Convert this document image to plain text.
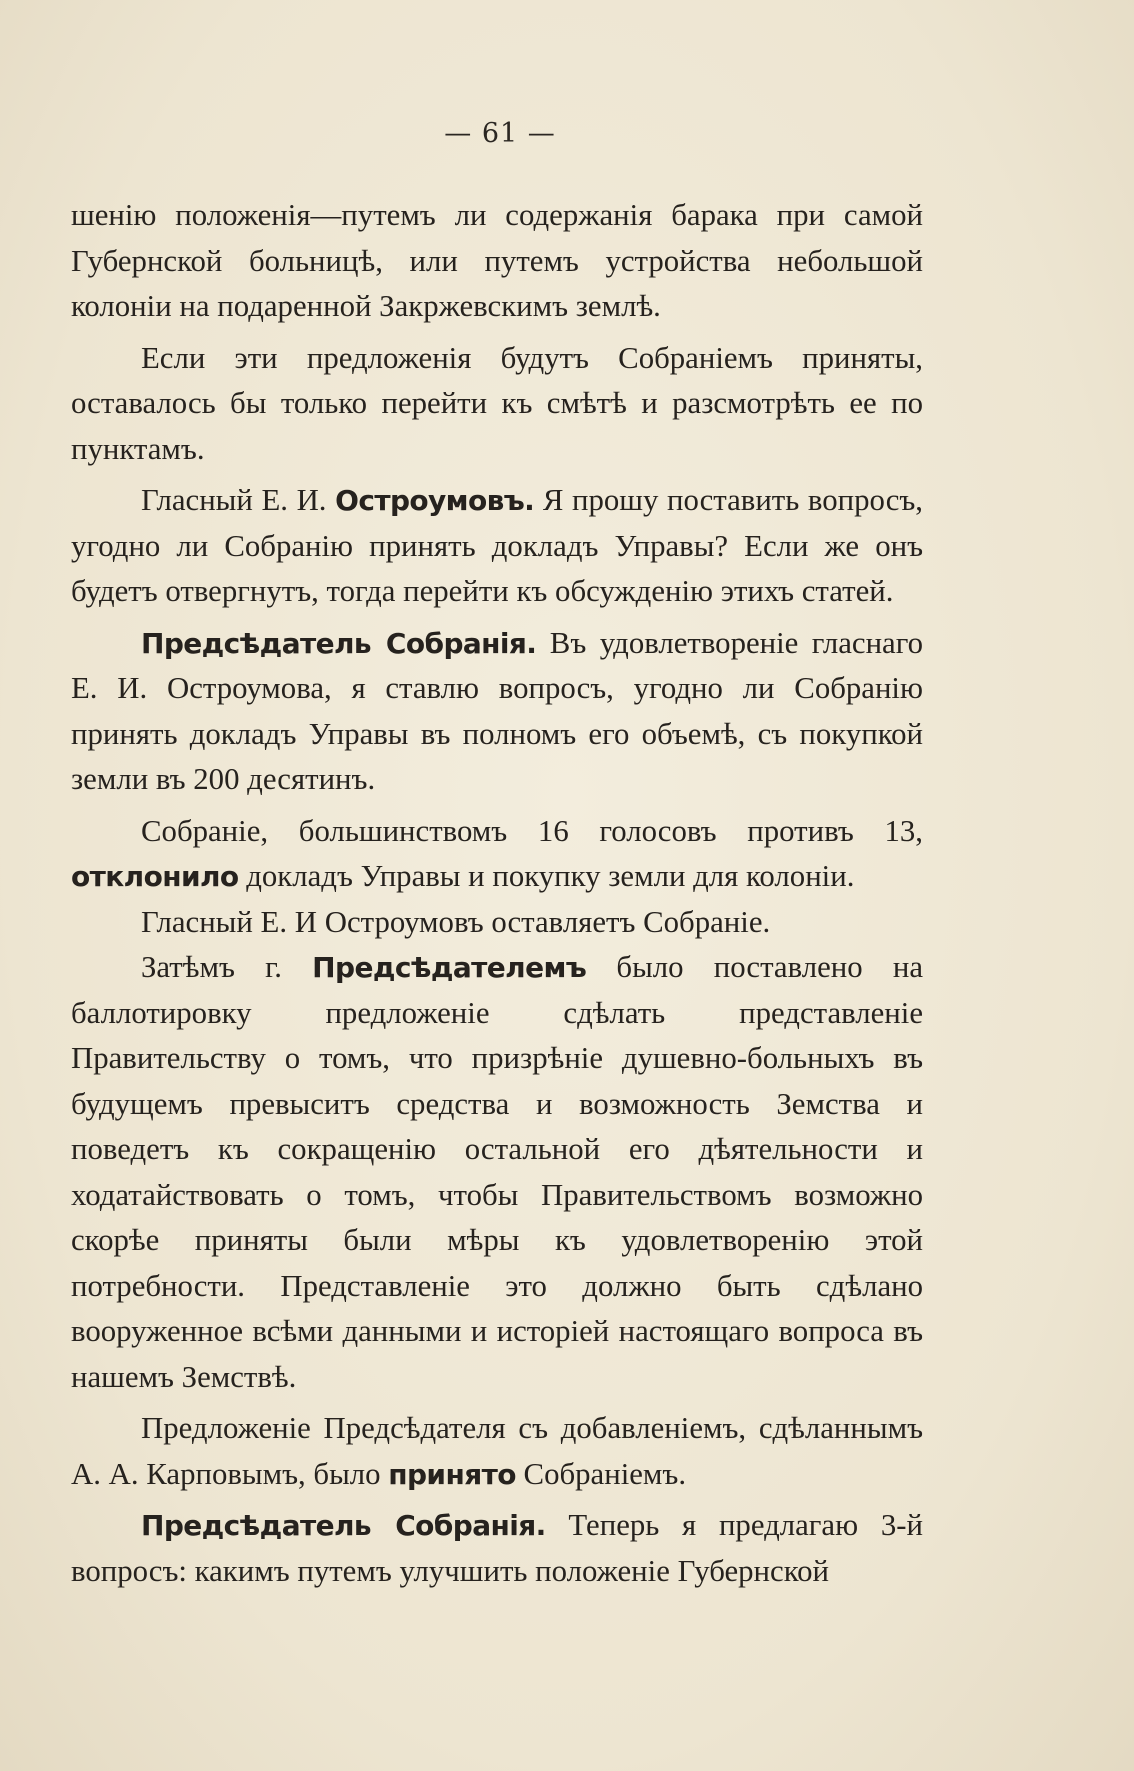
— 61 —

шенію положенія—путемъ ли содержанія барака при самой Губернской больницѣ, или путемъ устройства небольшой колоніи на подаренной Закржевскимъ землѣ.

Если эти предложенія будутъ Собраніемъ приняты, оставалось бы только перейти къ смѣтѣ и разсмотрѣть ее по пунктамъ.

Гласный Е. И. Остроумовъ. Я прошу поставить вопросъ, угодно ли Собранію принять докладъ Управы? Если же онъ будетъ отвергнутъ, тогда перейти къ обсужденію этихъ статей.

Предсѣдатель Собранія. Въ удовлетвореніе гласнаго Е. И. Остроумова, я ставлю вопросъ, угодно ли Собранію принять докладъ Управы въ полномъ его объемѣ, съ покупкой земли въ 200 десятинъ.

Собраніе, большинствомъ 16 голосовъ противъ 13, отклонило докладъ Управы и покупку земли для колоніи.

Гласный Е. И Остроумовъ оставляетъ Собраніе.

Затѣмъ г. Предсѣдателемъ было поставлено на баллотировку предложеніе сдѣлать представленіе Правительству о томъ, что призрѣніе душевно-больныхъ въ будущемъ превыситъ средства и возможность Земства и поведетъ къ сокращенію остальной его дѣятельности и ходатайствовать о томъ, чтобы Правительствомъ возможно скорѣе приняты были мѣры къ удовлетворенію этой потребности. Представленіе это должно быть сдѣлано вооруженное всѣми данными и исторіей настоящаго вопроса въ нашемъ Земствѣ.

Предложеніе Предсѣдателя съ добавленіемъ, сдѣланнымъ А. А. Карповымъ, было принято Собраніемъ.

Предсѣдатель Собранія. Теперь я предлагаю 3-й вопросъ: какимъ путемъ улучшить положеніе Губернской
